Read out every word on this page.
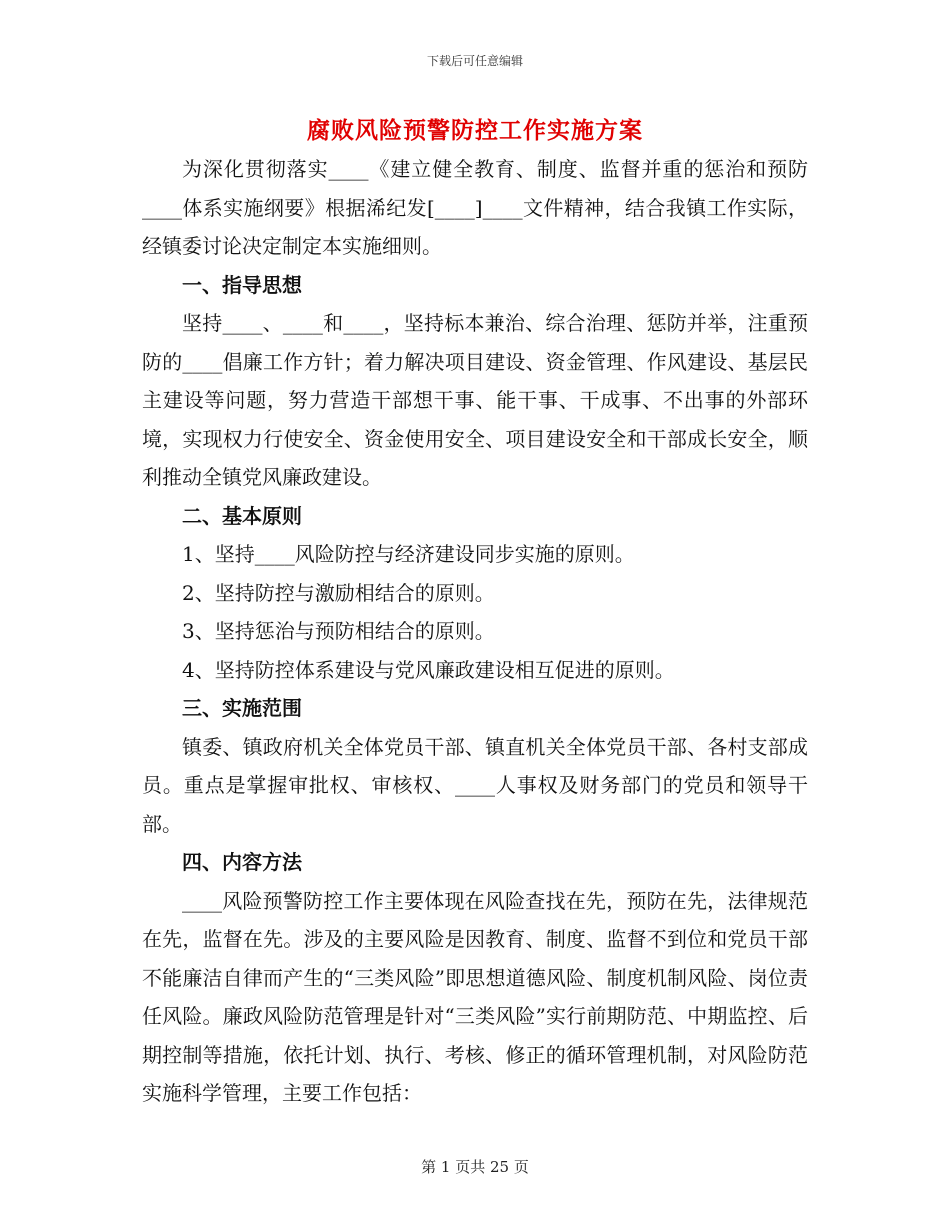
下载后可任意编辑
腐败风险预警防控工作实施方案

为深化贯彻落实____《建立健全教育、制度、监督并重的惩治和预防____体系实施纲要》根据浠纪发[____]____文件精神，结合我镇工作实际，经镇委讨论决定制定本实施细则。

一、指导思想

坚持____、____和____，坚持标本兼治、综合治理、惩防并举，注重预防的____倡廉工作方针；着力解决项目建设、资金管理、作风建设、基层民主建设等问题，努力营造干部想干事、能干事、干成事、不出事的外部环境，实现权力行使安全、资金使用安全、项目建设安全和干部成长安全，顺利推动全镇党风廉政建设。

二、基本原则
1、坚持____风险防控与经济建设同步实施的原则。
2、坚持防控与激励相结合的原则。
3、坚持惩治与预防相结合的原则。
4、坚持防控体系建设与党风廉政建设相互促进的原则。
三、实施范围

镇委、镇政府机关全体党员干部、镇直机关全体党员干部、各村支部成员。重点是掌握审批权、审核权、____人事权及财务部门的党员和领导干部。

四、内容方法

____风险预警防控工作主要体现在风险查找在先，预防在先，法律规范在先，监督在先。涉及的主要风险是因教育、制度、监督不到位和党员干部不能廉洁自律而产生的“三类风险”即思想道德风险、制度机制风险、岗位责任风险。廉政风险防范管理是针对“三类风险”实行前期防范、中期监控、后期控制等措施，依托计划、执行、考核、修正的循环管理机制，对风险防范实施科学管理，主要工作包括：

第 1 页共 25 页
